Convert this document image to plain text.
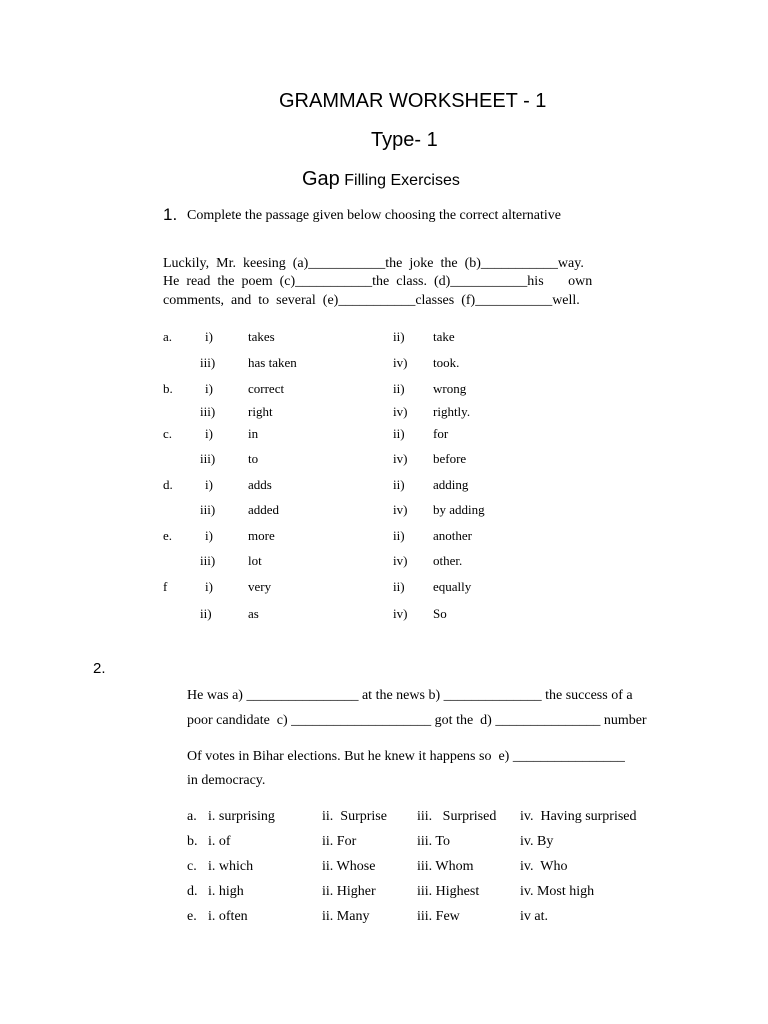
GRAMMAR WORKSHEET - 1
Type- 1
Gap Filling Exercises
1. Complete the passage given below choosing the correct alternative
Luckily,  Mr.  keesing  (a)___________the  joke  the  (b)___________way.
He  read  the  poem  (c)___________the  class.  (d)___________his       own
comments,  and  to  several  (e)___________classes  (f)___________well.
a.	i)	takes	ii) take
iii)	has taken	iv) took.
b. i)	correct	ii) wrong
iii)	right	iv) rightly.
c.	i)	in	ii) for
iii)	to	iv) before
d. i)	adds	ii) adding
iii)	added	iv) by adding
e.	i)	more	ii) another
iii)	lot	iv) other.
f	i)	very	ii) equally
ii)	as	iv) So
2.
He was a) ________________ at the news b) ______________ the success of a
poor candidate  c) ____________________ got the  d) _______________ number
Of votes in Bihar elections. But he knew it happens so  e) ________________
in democracy.
a. i. surprising	ii.  Surprise iii.   Surprised iv.  Having surprised
b. i. of	ii. For	iii. To	iv. By
c. i. which	ii. Whose	iii. Whom	iv.  Who
d. i. high	ii. Higher	iii. Highest	iv. Most high
e. i. often	ii. Many	iii. Few	iv at.
